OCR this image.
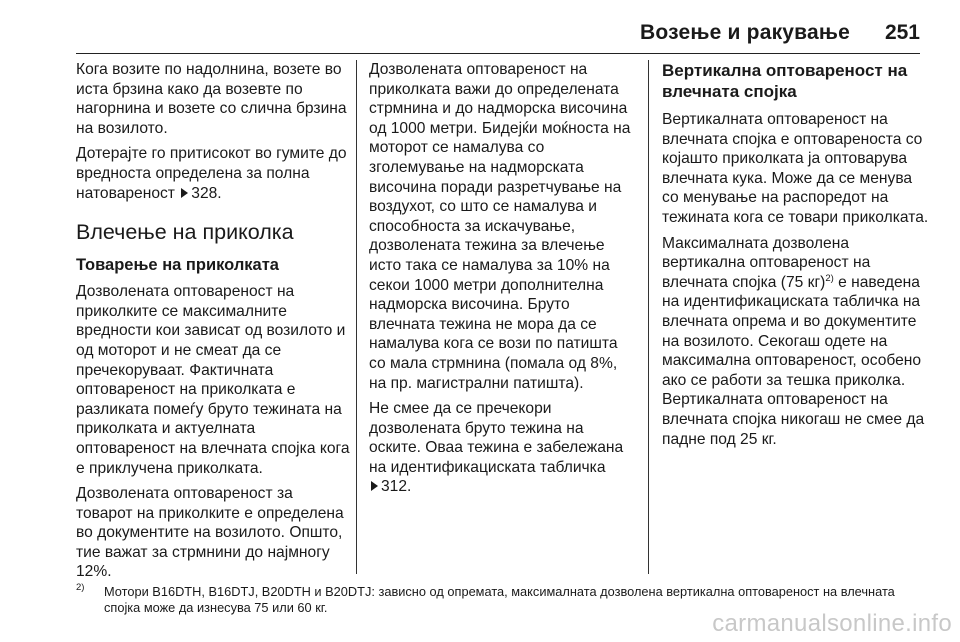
Возење и ракување 251

Кога возите по надолнина, возете во иста брзина како да возевте по нагорнина и возете со слична брзина на возилото.

Дотерајте го притисокот во гумите до вредноста определена за полна натовареност 328.

Влечење на приколка
Товарење на приколката

Дозволената оптовареност на приколките се максималните вредности кои зависат од возилото и од моторот и не смеат да се пречекоруваат. Фактичната оптовареност на приколката е разликата помеѓу бруто тежината на приколката и актуелната оптовареност на влечната спојка кога е приклучена приколката.

Дозволената оптовареност за товарот на приколките е определена во документите на возилото. Општо, тие важат за стрмнини до најмногу 12%.

Дозволената оптовареност на приколката важи до определената стрмнина и до надморска височина од 1000 метри. Бидејќи моќноста на моторот се намалува со зголемување на надморската височина поради разретчување на воздухот, со што се намалува и способноста за искачување, дозволената тежина за влечење исто така се намалува за 10% на секои 1000 метри дополнителна надморска височина. Бруто влечната тежина не мора да се намалува кога се вози по патишта со мала стрмнина (помала од 8%, на пр. магистрални патишта).

Не смее да се пречекори дозволената бруто тежина на оските. Оваа тежина е забележана на идентификациската табличка
312.

Вертикална оптовареност на влечната спојка

Вертикалната оптовареност на влечната спојка е оптовареноста со којашто приколката ја оптоварува влечната кука. Може да се менува со менување на распоредот на тежината кога се товари приколката.

Максималната дозволена вертикална оптовареност на влечната спојка (75 кг)$^{2)}$ е наведена на идентификациската табличка на влечната опрема и во документите на возилото. Секогаш одете на максимална оптовареност, особено ако се работи за тешка приколка. Вертикалната оптовареност на влечната спојка никогаш не смее да падне под 25 кг.

2) Мотори B16DTH, B16DTJ, B20DTH и B20DTJ: зависно од опремата, максималната дозволена вертикална оптовареност на влечната спојка може да изнесува 75 или 60 кг.
carmanualsonline.info
